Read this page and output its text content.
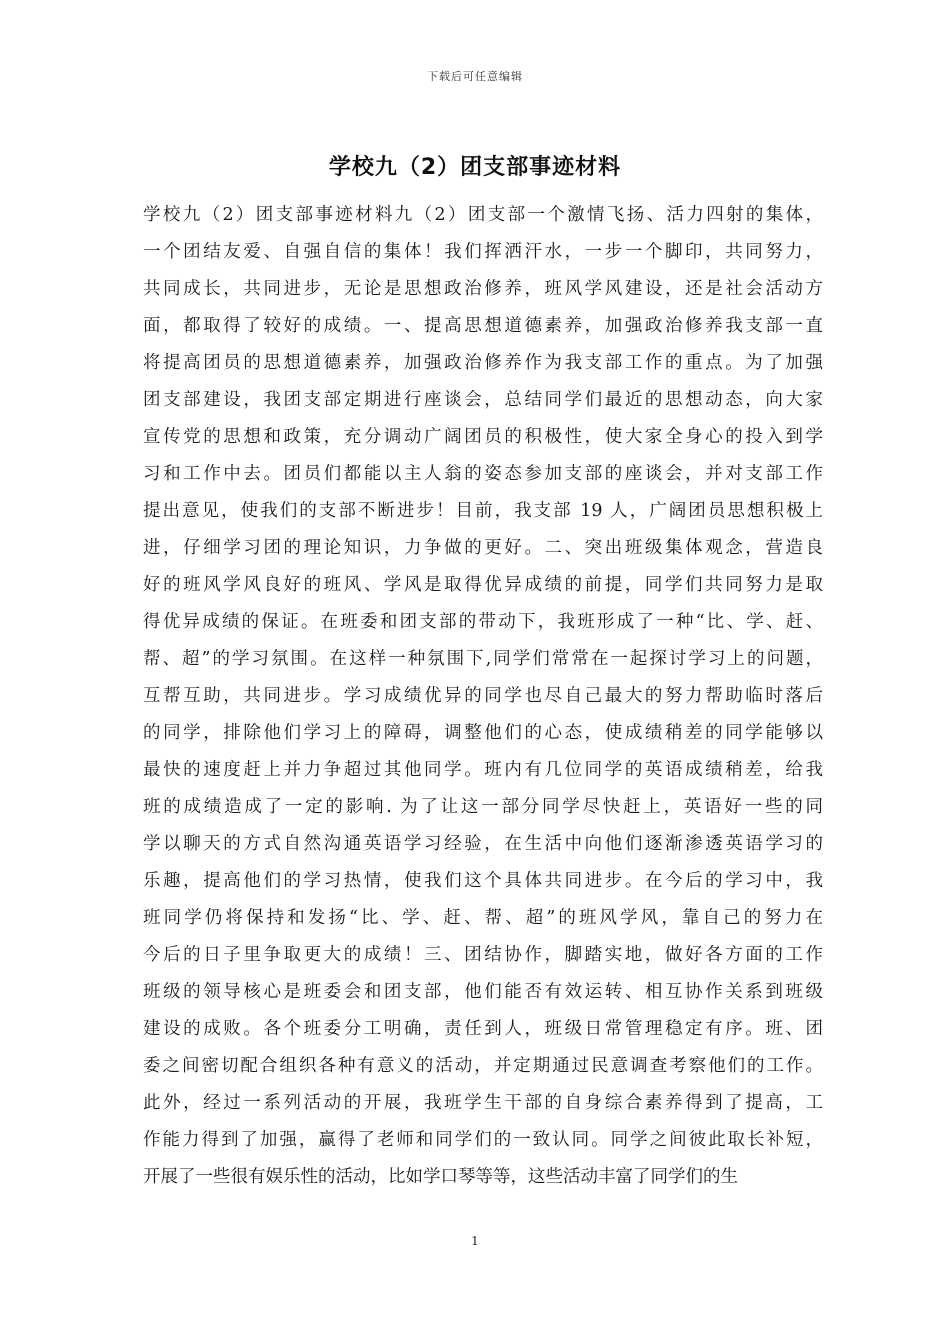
下载后可任意编辑
学校九（2）团支部事迹材料
学校九（2）团支部事迹材料九（2）团支部一个激情飞扬、活力四射的集体，
一个团结友爱、自强自信的集体！我们挥洒汗水，一步一个脚印，共同努力，
共同成长，共同进步，无论是思想政治修养，班风学风建设，还是社会活动方
面，都取得了较好的成绩。一、提高思想道德素养，加强政治修养我支部一直
将提高团员的思想道德素养，加强政治修养作为我支部工作的重点。为了加强
团支部建设，我团支部定期进行座谈会，总结同学们最近的思想动态，向大家
宣传党的思想和政策，充分调动广阔团员的积极性，使大家全身心的投入到学
习和工作中去。团员们都能以主人翁的姿态参加支部的座谈会，并对支部工作
提出意见，使我们的支部不断进步！目前，我支部 19 人，广阔团员思想积极上
进，仔细学习团的理论知识，力争做的更好。二、突出班级集体观念，营造良
好的班风学风良好的班风、学风是取得优异成绩的前提，同学们共同努力是取
得优异成绩的保证。在班委和团支部的带动下，我班形成了一种“比、学、赶、
帮、超”的学习氛围。在这样一种氛围下,同学们常常在一起探讨学习上的问题，
互帮互助，共同进步。学习成绩优异的同学也尽自己最大的努力帮助临时落后
的同学，排除他们学习上的障碍，调整他们的心态，使成绩稍差的同学能够以
最快的速度赶上并力争超过其他同学。班内有几位同学的英语成绩稍差，给我
班的成绩造成了一定的影响. 为了让这一部分同学尽快赶上，英语好一些的同
学以聊天的方式自然沟通英语学习经验，在生活中向他们逐渐渗透英语学习的
乐趣，提高他们的学习热情，使我们这个具体共同进步。在今后的学习中，我
班同学仍将保持和发扬“比、学、赶、帮、超”的班风学风，靠自己的努力在
今后的日子里争取更大的成绩！三、团结协作，脚踏实地，做好各方面的工作
班级的领导核心是班委会和团支部，他们能否有效运转、相互协作关系到班级
建设的成败。各个班委分工明确，责任到人，班级日常管理稳定有序。班、团
委之间密切配合组织各种有意义的活动，并定期通过民意调查考察他们的工作。
此外，经过一系列活动的开展，我班学生干部的自身综合素养得到了提高，工
作能力得到了加强，赢得了老师和同学们的一致认同。同学之间彼此取长补短，
开展了一些很有娱乐性的活动，比如学口琴等等，这些活动丰富了同学们的生
1
